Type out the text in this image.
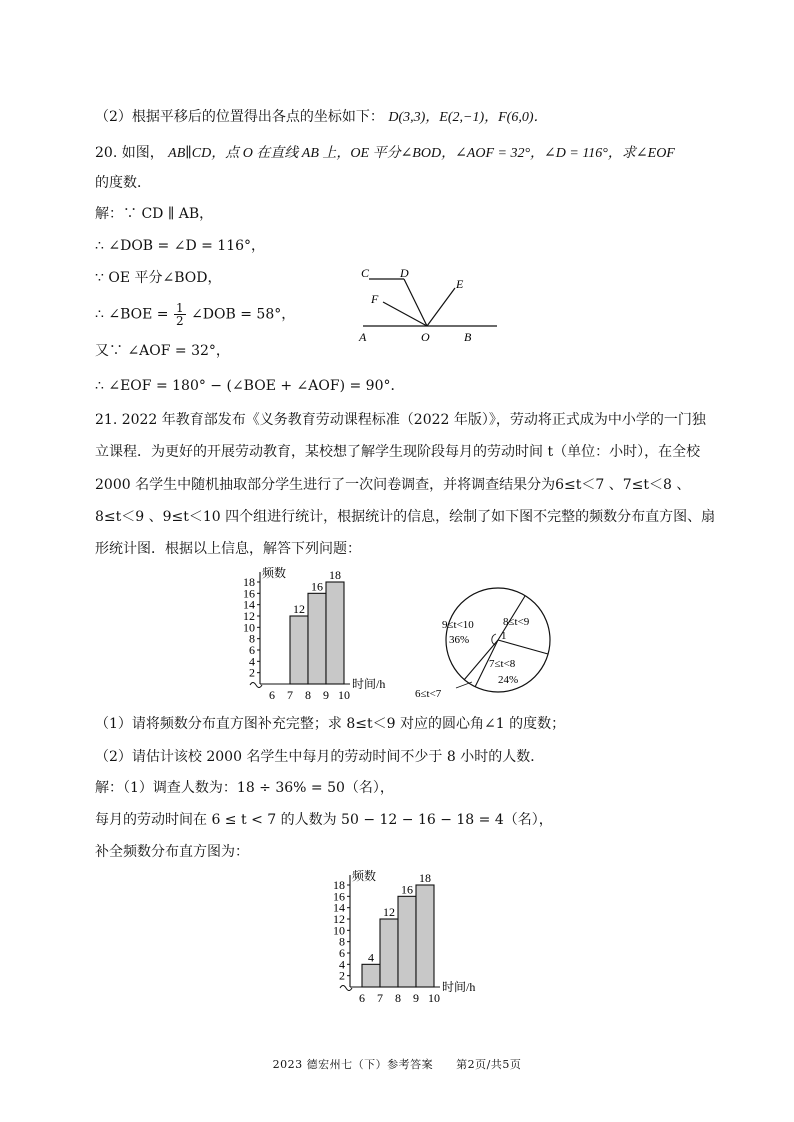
（2）根据平移后的位置得出各点的坐标如下： D(3,3)，E(2,−1)，F(6,0)．
20. 如图， AB∥CD，点 O 在直线 AB 上，OE 平分∠BOD，∠AOF = 32°，∠D = 116°，求∠EOF
的度数．
解：∵ CD ∥ AB，
∴ ∠DOB = ∠D = 116°，
∵ OE 平分∠BOD，
∴ ∠BOE = $\frac{1}{2}$ ∠DOB = 58°，
又∵ ∠AOF = 32°，
∴ ∠EOF = 180° − (∠BOE + ∠AOF) = 90°．
21. 2022 年教育部发布《义务教育劳动课程标准（2022 年版）》，劳动将正式成为中小学的一门独
立课程．为更好的开展劳动教育，某校想了解学生现阶段每月的劳动时间 t（单位：小时），在全校
2000 名学生中随机抽取部分学生进行了一次问卷调查，并将调查结果分为6≤t＜7 、7≤t＜8 、
8≤t＜9 、9≤t＜10 四个组进行统计，根据统计的信息，绘制了如下图不完整的频数分布直方图、扇
形统计图．根据以上信息，解答下列问题：
（1）请将频数分布直方图补充完整；求 8≤t＜9 对应的圆心角∠1 的度数；
（2）请估计该校 2000 名学生中每月的劳动时间不少于 8 小时的人数．
解：（1）调查人数为：18 ÷ 36% = 50（名），
每月的劳动时间在 6 ≤ t < 7 的人数为 50 − 12 − 16 − 18 = 4（名），
补全频数分布直方图为：
C	D
E
F
A	O	B
2
4
6
8
10
12
14
16
18
6 7 8 9 10
12
16
18
频数
时间/h
1
9≤t<10
36%
8≤t<9
7≤t<8
24%
6≤t<7
2
4
6
8
10
12
14
16
18
6 7 8 9 10
4
12
16
18
频数
时间/h
2023 德宏州七（下）参考答案　　第2页/共5页
